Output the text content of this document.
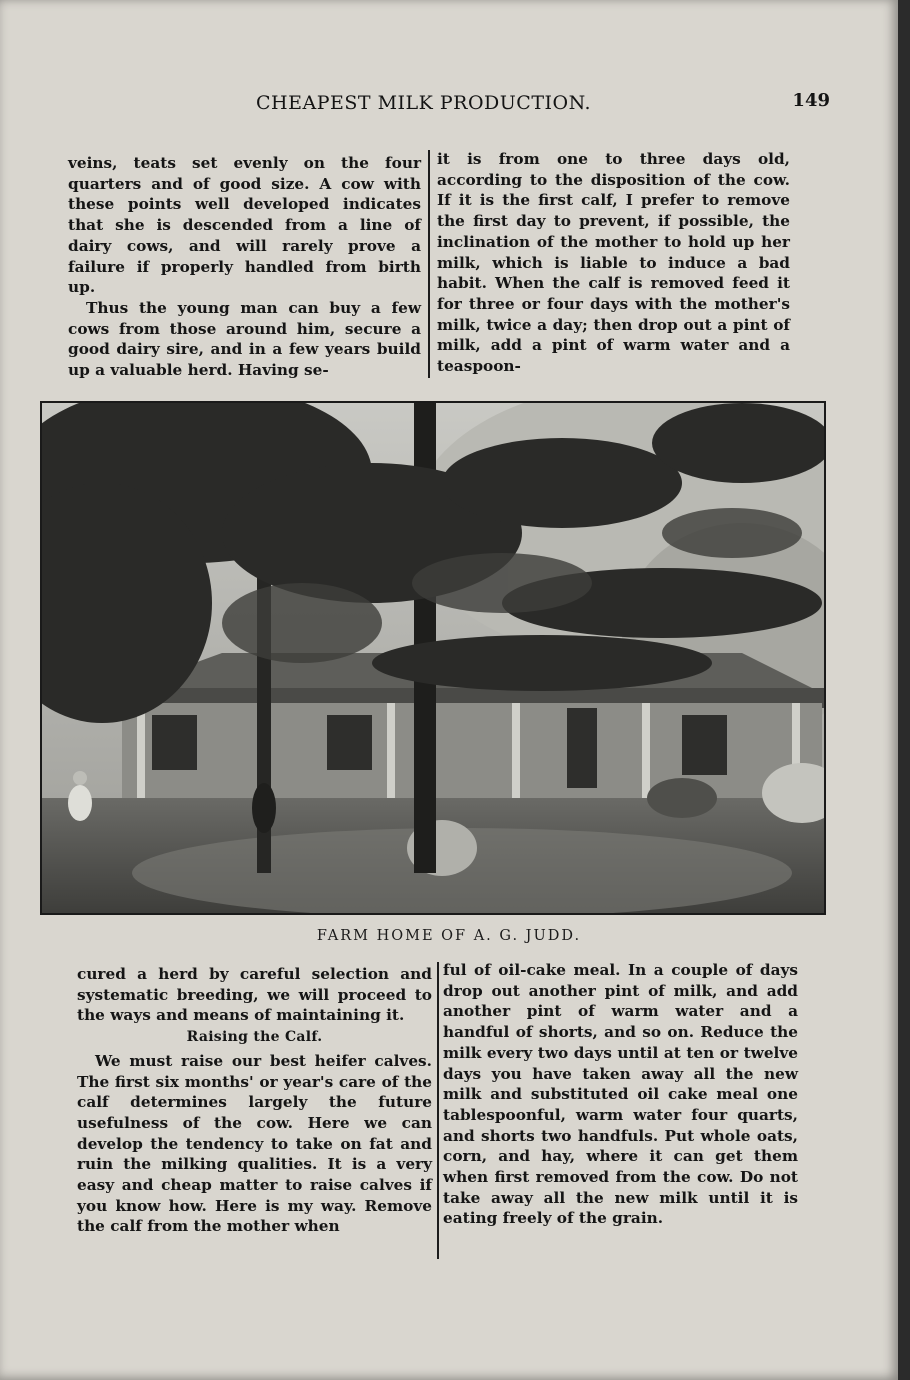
CHEAPEST MILK PRODUCTION.	149

veins, teats set evenly on the four quarters and of good size. A cow with these points well developed indicates that she is descended from a line of dairy cows, and will rarely prove a failure if properly handled from birth up.

Thus the young man can buy a few cows from those around him, secure a good dairy sire, and in a few years build up a valuable herd. Having se-

it is from one to three days old, according to the disposition of the cow. If it is the first calf, I prefer to remove the first day to prevent, if possible, the inclination of the mother to hold up her milk, which is liable to induce a bad habit. When the calf is removed feed it for three or four days with the mother's milk, twice a day; then drop out a pint of milk, add a pint of warm water and a teaspoon-

FARM HOME OF A. G. JUDD.

cured a herd by careful selection and systematic breeding, we will proceed to the ways and means of maintaining it.

Raising the Calf.

We must raise our best heifer calves. The first six months' or year's care of the calf determines largely the future usefulness of the cow. Here we can develop the tendency to take on fat and ruin the milking qualities. It is a very easy and cheap matter to raise calves if you know how. Here is my way. Remove the calf from the mother when

ful of oil-cake meal. In a couple of days drop out another pint of milk, and add another pint of warm water and a handful of shorts, and so on. Reduce the milk every two days until at ten or twelve days you have taken away all the new milk and substituted oil cake meal one tablespoonful, warm water four quarts, and shorts two handfuls. Put whole oats, corn, and hay, where it can get them when first removed from the cow. Do not take away all the new milk until it is eating freely of the grain.
